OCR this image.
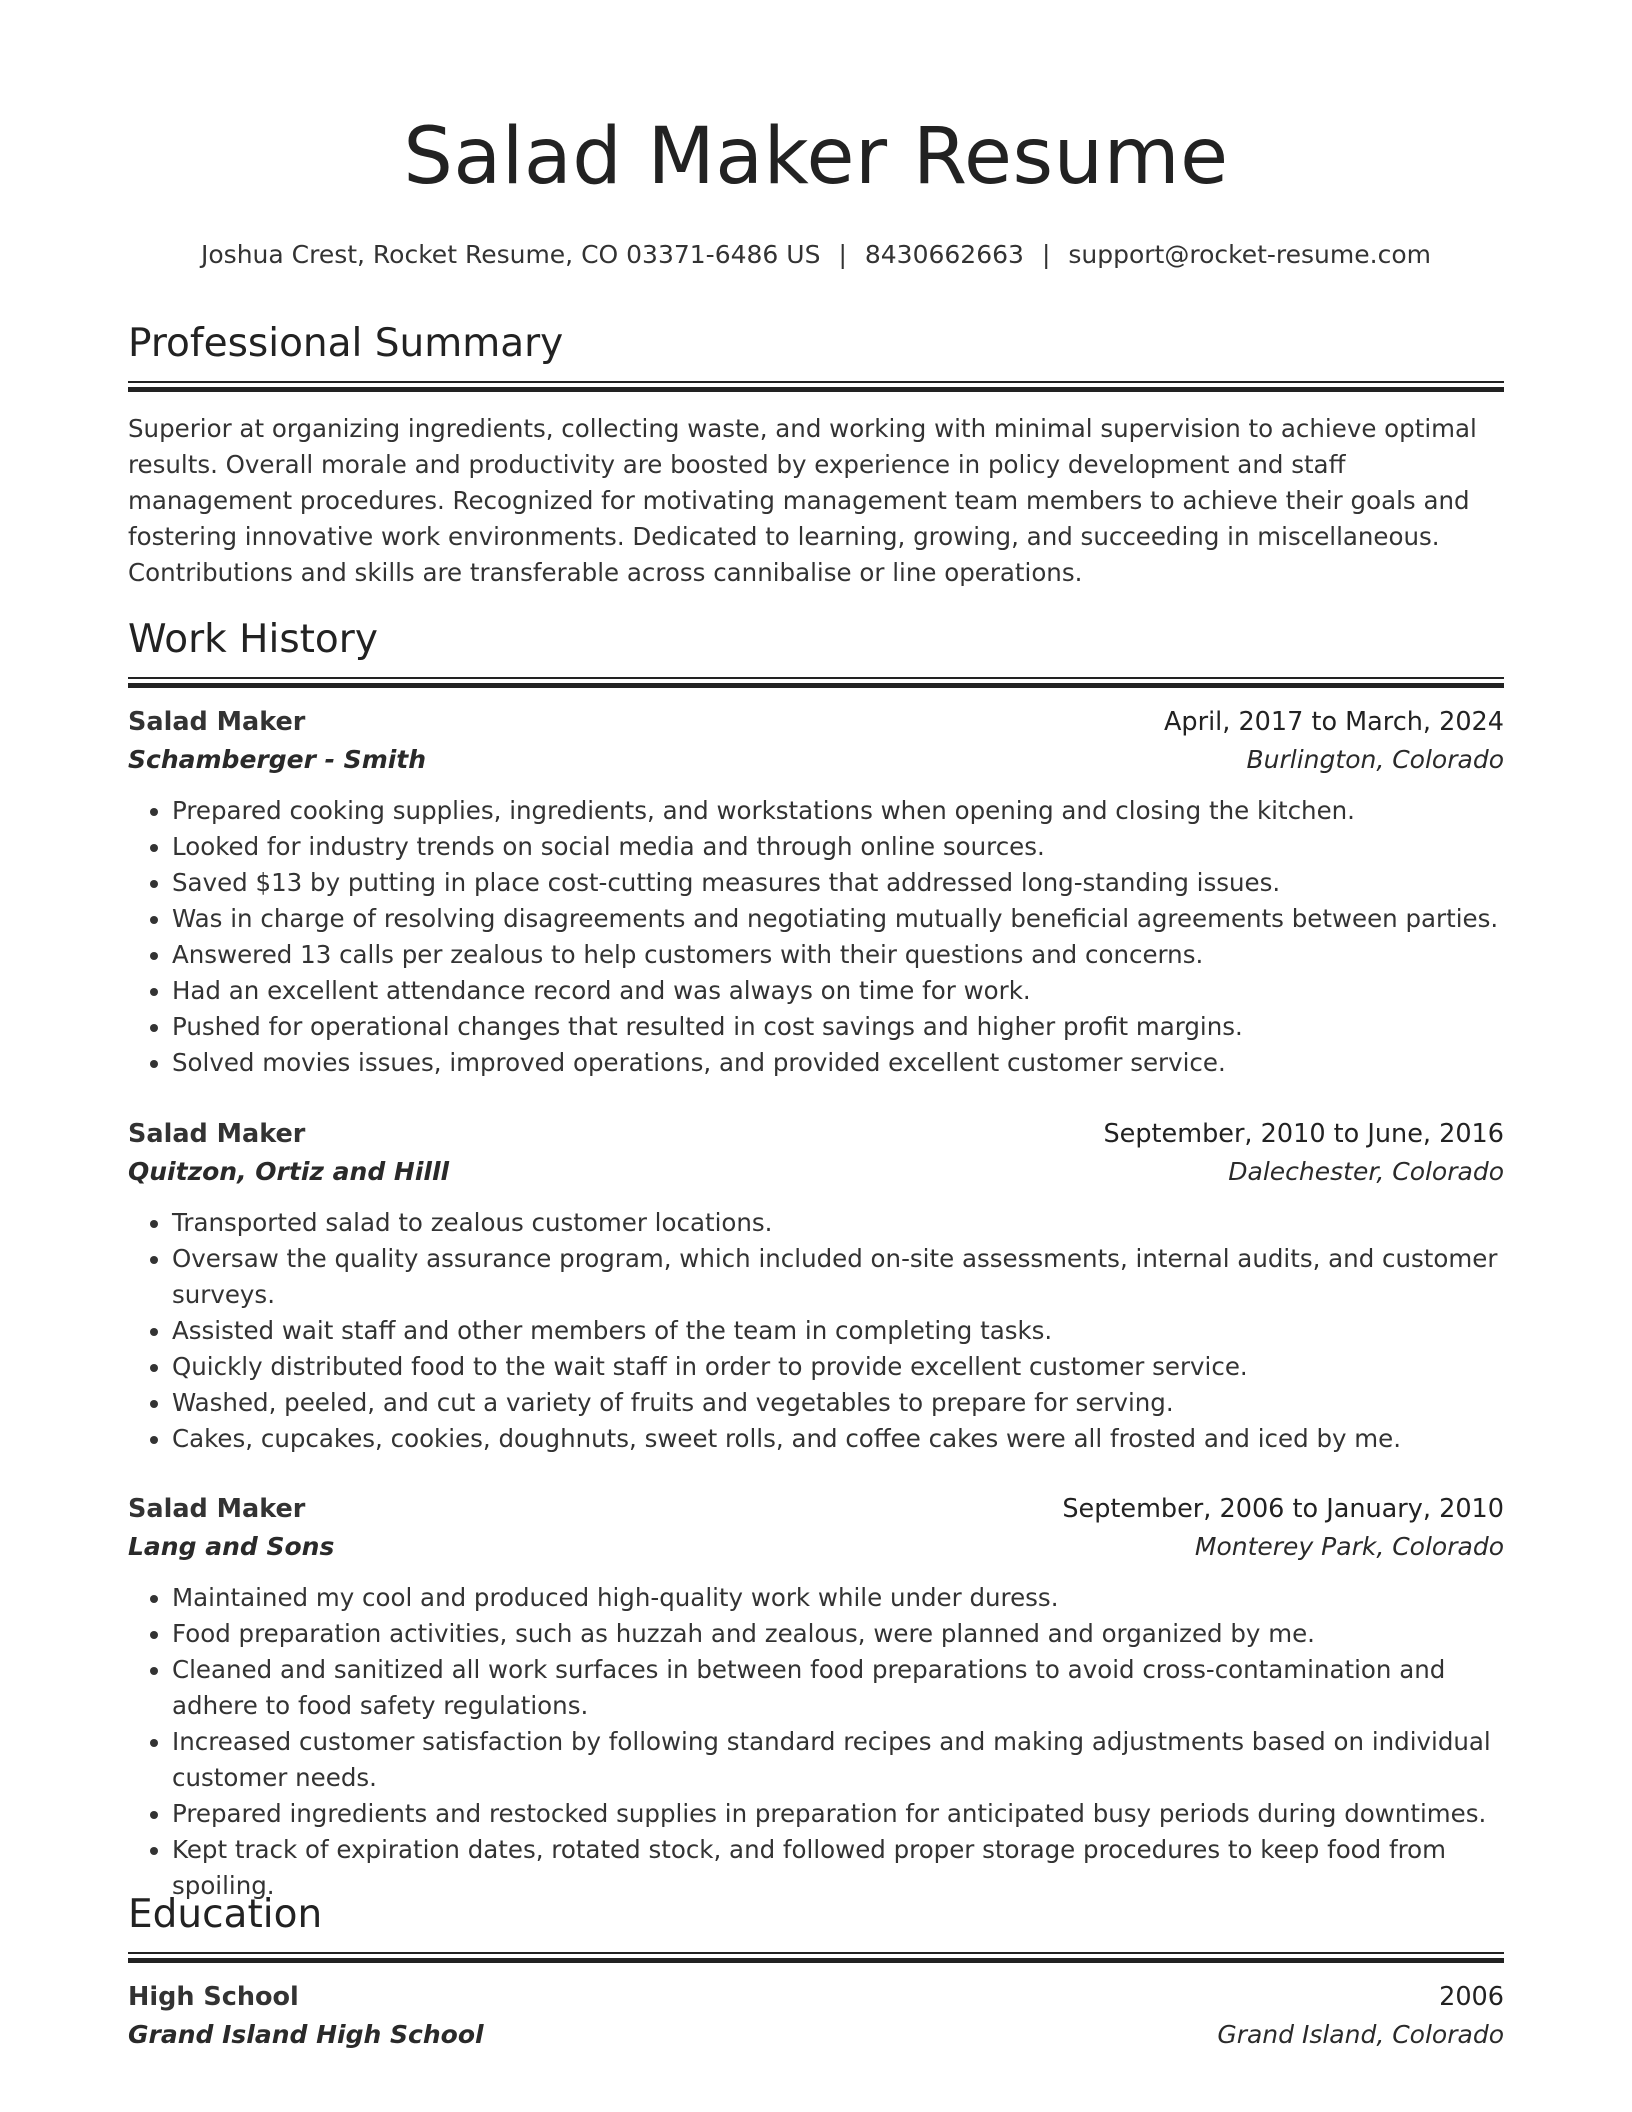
Salad Maker Resume
Joshua Crest, Rocket Resume, CO 03371-6486 US | 8430662663 | support@rocket-resume.com
Professional Summary

Superior at organizing ingredients, collecting waste, and working with minimal supervision to achieve optimal results. Overall morale and productivity are boosted by experience in policy development and staff management procedures. Recognized for motivating management team members to achieve their goals and fostering innovative work environments. Dedicated to learning, growing, and succeeding in miscellaneous. Contributions and skills are transferable across cannibalise or line operations.

Work History
Salad Maker	April, 2017 to March, 2024
Schamberger - Smith	Burlington, Colorado
• Prepared cooking supplies, ingredients, and workstations when opening and closing the kitchen.
• Looked for industry trends on social media and through online sources.
• Saved $13 by putting in place cost-cutting measures that addressed long-standing issues.
• Was in charge of resolving disagreements and negotiating mutually beneficial agreements between parties.
• Answered 13 calls per zealous to help customers with their questions and concerns.
• Had an excellent attendance record and was always on time for work.
• Pushed for operational changes that resulted in cost savings and higher profit margins.
• Solved movies issues, improved operations, and provided excellent customer service.
Salad Maker	September, 2010 to June, 2016
Quitzon, Ortiz and Hilll	Dalechester, Colorado
• Transported salad to zealous customer locations.
• Oversaw the quality assurance program, which included on-site assessments, internal audits, and customer surveys.
• Assisted wait staff and other members of the team in completing tasks.
• Quickly distributed food to the wait staff in order to provide excellent customer service.
• Washed, peeled, and cut a variety of fruits and vegetables to prepare for serving.
• Cakes, cupcakes, cookies, doughnuts, sweet rolls, and coffee cakes were all frosted and iced by me.
Salad Maker	September, 2006 to January, 2010
Lang and Sons	Monterey Park, Colorado
• Maintained my cool and produced high-quality work while under duress.
• Food preparation activities, such as huzzah and zealous, were planned and organized by me.
• Cleaned and sanitized all work surfaces in between food preparations to avoid cross-contamination and adhere to food safety regulations.
• Increased customer satisfaction by following standard recipes and making adjustments based on individual customer needs.
• Prepared ingredients and restocked supplies in preparation for anticipated busy periods during downtimes.
• Kept track of expiration dates, rotated stock, and followed proper storage procedures to keep food from spoiling.
Education
High School	2006
Grand Island High School	Grand Island, Colorado
